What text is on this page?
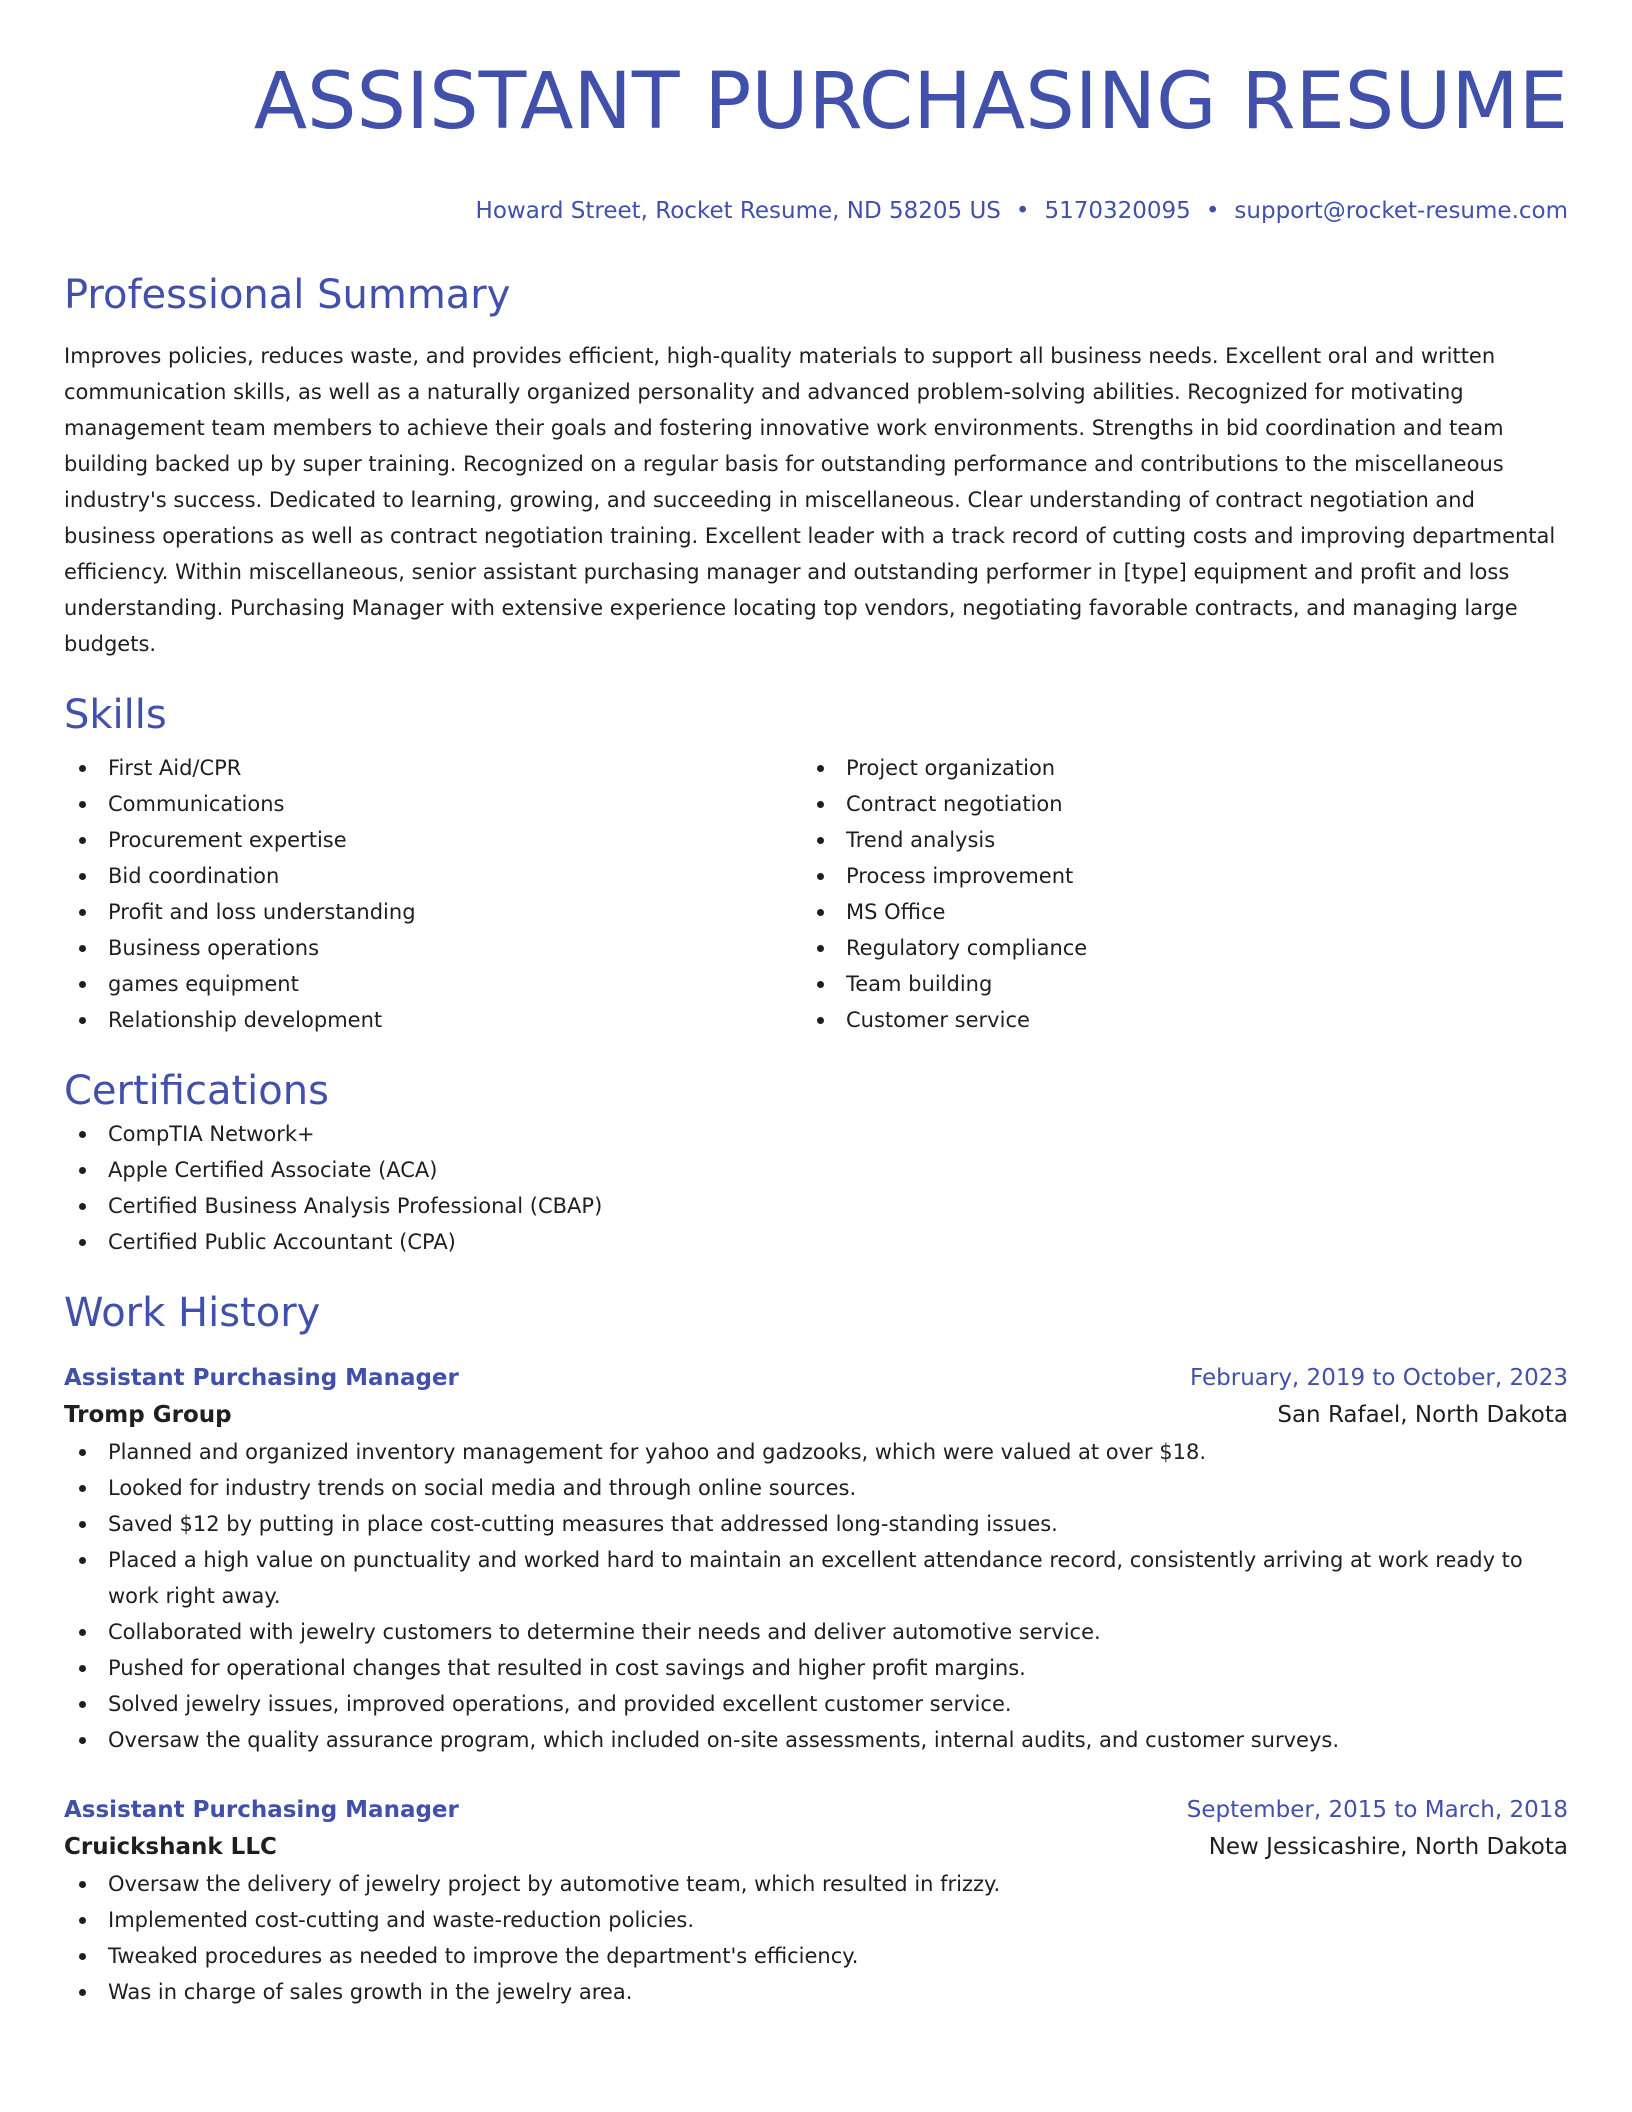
ASSISTANT PURCHASING RESUME
Howard Street, Rocket Resume, ND 58205 US • 5170320095 • support@rocket-resume.com
Professional Summary

Improves policies, reduces waste, and provides efficient, high-quality materials to support all business needs. Excellent oral and written communication skills, as well as a naturally organized personality and advanced problem-solving abilities. Recognized for motivating management team members to achieve their goals and fostering innovative work environments. Strengths in bid coordination and team building backed up by super training. Recognized on a regular basis for outstanding performance and contributions to the miscellaneous industry's success. Dedicated to learning, growing, and succeeding in miscellaneous. Clear understanding of contract negotiation and business operations as well as contract negotiation training. Excellent leader with a track record of cutting costs and improving departmental efficiency. Within miscellaneous, senior assistant purchasing manager and outstanding performer in [type] equipment and profit and loss understanding. Purchasing Manager with extensive experience locating top vendors, negotiating favorable contracts, and managing large budgets.

Skills
First Aid/CPR
Communications
Procurement expertise
Bid coordination
Profit and loss understanding
Business operations
games equipment
Relationship development
Project organization
Contract negotiation
Trend analysis
Process improvement
MS Office
Regulatory compliance
Team building
Customer service
Certifications
CompTIA Network+
Apple Certified Associate (ACA)
Certified Business Analysis Professional (CBAP)
Certified Public Accountant (CPA)
Work History
Assistant Purchasing Manager	February, 2019 to October, 2023
Tromp Group	San Rafael, North Dakota
Planned and organized inventory management for yahoo and gadzooks, which were valued at over $18.
Looked for industry trends on social media and through online sources.
Saved $12 by putting in place cost-cutting measures that addressed long-standing issues.
Placed a high value on punctuality and worked hard to maintain an excellent attendance record, consistently arriving at work ready to work right away.
Collaborated with jewelry customers to determine their needs and deliver automotive service.
Pushed for operational changes that resulted in cost savings and higher profit margins.
Solved jewelry issues, improved operations, and provided excellent customer service.
Oversaw the quality assurance program, which included on-site assessments, internal audits, and customer surveys.
Assistant Purchasing Manager	September, 2015 to March, 2018
Cruickshank LLC	New Jessicashire, North Dakota
Oversaw the delivery of jewelry project by automotive team, which resulted in frizzy.
Implemented cost-cutting and waste-reduction policies.
Tweaked procedures as needed to improve the department's efficiency.
Was in charge of sales growth in the jewelry area.
